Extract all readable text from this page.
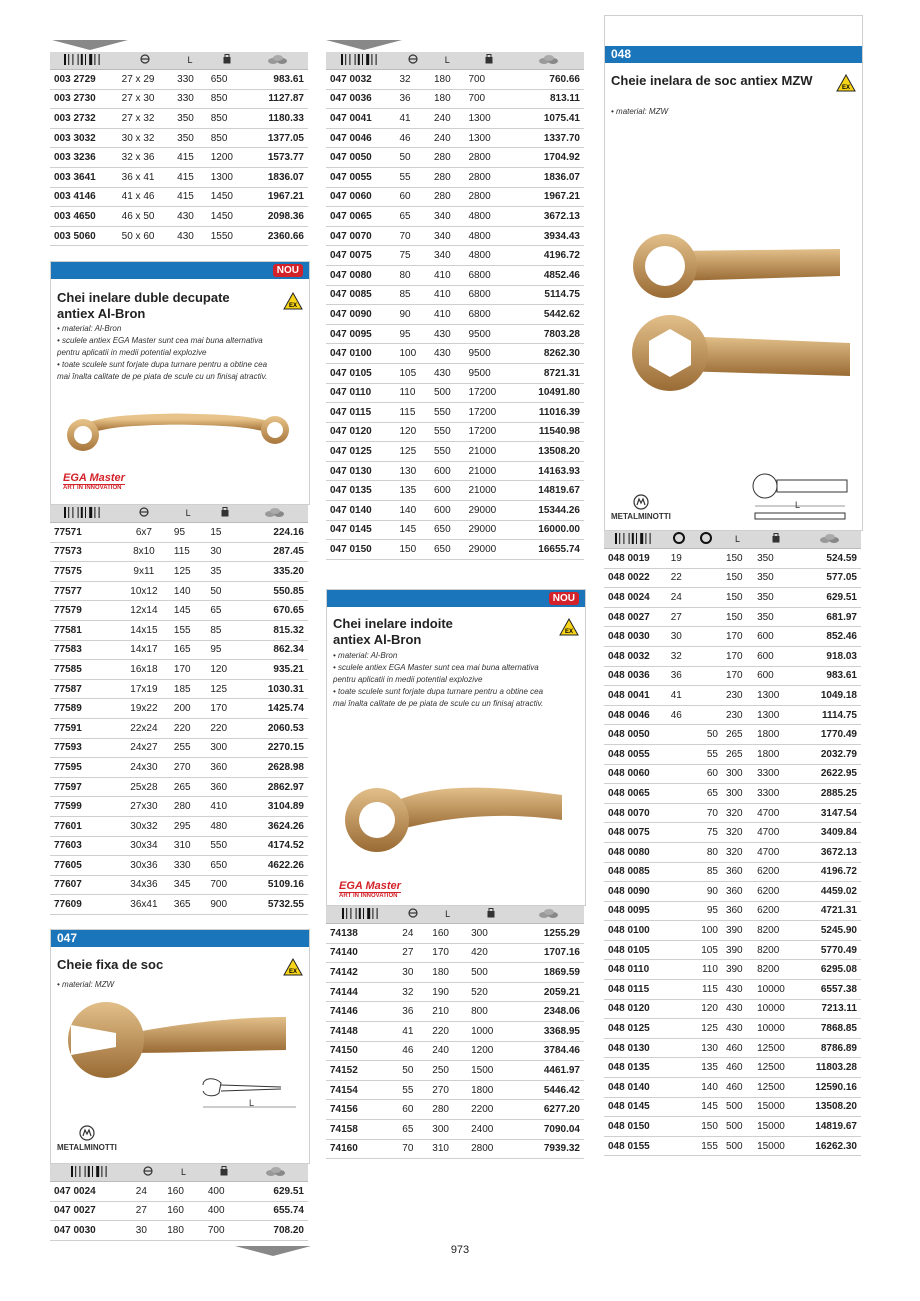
		L		
003 2729	27 x 29	330	650	983.61
003 2730	27 x 30	330	850	1127.87
003 2732	27 x 32	350	850	1180.33
003 3032	30 x 32	350	850	1377.05
003 3236	32 x 36	415	1200	1573.77
003 3641	36 x 41	415	1300	1836.07
003 4146	41 x 46	415	1450	1967.21
003 4650	46 x 50	430	1450	2098.36
003 5060	50 x 60	430	1550	2360.66
NOU
Chei inelare duble decupate
antiex Al-Bron	EX
• material: Al-Bron
• sculele antiex EGA Master sunt cea mai buna alternativa
pentru aplicatii in medii potential explozive
• toate sculele sunt forjate dupa turnare pentru a obtine cea
mai înalta calitate de pe piata de scule cu un finisaj atractiv.
EGA Master
ART IN INNOVATION
		L		
77571	6x7	95	15	224.16
77573	8x10	115	30	287.45
77575	9x11	125	35	335.20
77577	10x12	140	50	550.85
77579	12x14	145	65	670.65
77581	14x15	155	85	815.32
77583	14x17	165	95	862.34
77585	16x18	170	120	935.21
77587	17x19	185	125	1030.31
77589	19x22	200	170	1425.74
77591	22x24	220	220	2060.53
77593	24x27	255	300	2270.15
77595	24x30	270	360	2628.98
77597	25x28	265	360	2862.97
77599	27x30	280	410	3104.89
77601	30x32	295	480	3624.26
77603	30x34	310	550	4174.52
77605	30x36	330	650	4622.26
77607	34x36	345	700	5109.16
77609	36x41	365	900	5732.55
047
Cheie fixa de soc	EX
• material: MZW
L
METALMINOTTI
		L		
047 0024	24	160	400	629.51
047 0027	27	160	400	655.74
047 0030	30	180	700	708.20
		L		
047 0032	32	180	700	760.66
047 0036	36	180	700	813.11
047 0041	41	240	1300	1075.41
047 0046	46	240	1300	1337.70
047 0050	50	280	2800	1704.92
047 0055	55	280	2800	1836.07
047 0060	60	280	2800	1967.21
047 0065	65	340	4800	3672.13
047 0070	70	340	4800	3934.43
047 0075	75	340	4800	4196.72
047 0080	80	410	6800	4852.46
047 0085	85	410	6800	5114.75
047 0090	90	410	6800	5442.62
047 0095	95	430	9500	7803.28
047 0100	100	430	9500	8262.30
047 0105	105	430	9500	8721.31
047 0110	110	500	17200	10491.80
047 0115	115	550	17200	11016.39
047 0120	120	550	17200	11540.98
047 0125	125	550	21000	13508.20
047 0130	130	600	21000	14163.93
047 0135	135	600	21000	14819.67
047 0140	140	600	29000	15344.26
047 0145	145	650	29000	16000.00
047 0150	150	650	29000	16655.74
NOU
Chei inelare indoite
antiex Al-Bron	EX
• material: Al-Bron
• sculele antiex EGA Master sunt cea mai buna alternativa
pentru aplicatii in medii potential explozive
• toate sculele sunt forjate dupa turnare pentru a obtine cea
mai înalta calitate de pe piata de scule cu un finisaj atractiv.
EGA Master
ART IN INNOVATION
		L		
74138	24	160	300	1255.29
74140	27	170	420	1707.16
74142	30	180	500	1869.59
74144	32	190	520	2059.21
74146	36	210	800	2348.06
74148	41	220	1000	3368.95
74150	46	240	1200	3784.46
74152	50	250	1500	4461.97
74154	55	270	1800	5446.42
74156	60	280	2200	6277.20
74158	65	300	2400	7090.04
74160	70	310	2800	7939.32
048
Cheie inelara de soc antiex MZW	EX
• material: MZW
L
METALMINOTTI
			L		
048 0019	19		150	350	524.59
048 0022	22		150	350	577.05
048 0024	24		150	350	629.51
048 0027	27		150	350	681.97
048 0030	30		170	600	852.46
048 0032	32		170	600	918.03
048 0036	36		170	600	983.61
048 0041	41		230	1300	1049.18
048 0046	46		230	1300	1114.75
048 0050		50	265	1800	1770.49
048 0055		55	265	1800	2032.79
048 0060		60	300	3300	2622.95
048 0065		65	300	3300	2885.25
048 0070		70	320	4700	3147.54
048 0075		75	320	4700	3409.84
048 0080		80	320	4700	3672.13
048 0085		85	360	6200	4196.72
048 0090		90	360	6200	4459.02
048 0095		95	360	6200	4721.31
048 0100		100	390	8200	5245.90
048 0105		105	390	8200	5770.49
048 0110		110	390	8200	6295.08
048 0115		115	430	10000	6557.38
048 0120		120	430	10000	7213.11
048 0125		125	430	10000	7868.85
048 0130		130	460	12500	8786.89
048 0135		135	460	12500	11803.28
048 0140		140	460	12500	12590.16
048 0145		145	500	15000	13508.20
048 0150		150	500	15000	14819.67
048 0155		155	500	15000	16262.30
973
